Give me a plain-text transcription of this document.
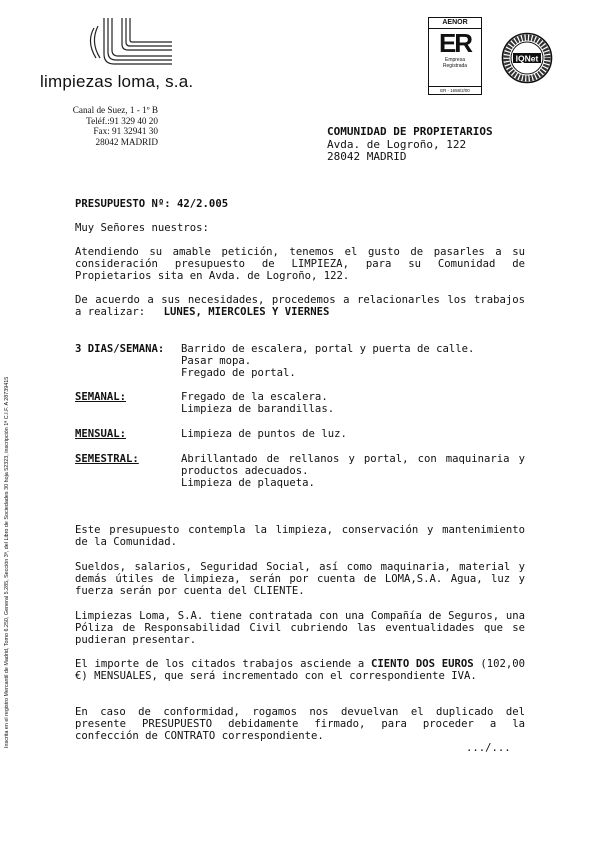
limpiezas loma, s.a.
Canal de Suez, 1 - 1º B
Teléf.:91 329 40 20
Fax: 91 32941 30
28042 MADRID
AENOR
ER
Empresa
Registrada
ER - 1658/2/00
IQNet
COMUNIDAD DE PROPIETARIOS
Avda. de Logroño, 122
28042 MADRID
Inscrita en el registro Mercantil de Madrid, Tomo 6.250, General 5.285, Sección 3ª, del Libro de Sociedades 30 hoja 52323, inscripción 1ª C.I.F. A 28739415
PRESUPUESTO Nº: 42/2.005
Muy Señores nuestros:
Atendiendo su amable petición, tenemos el gusto de pasarles a su consideración presupuesto de LIMPIEZA, para su Comunidad de Propietarios sita en Avda. de Logroño, 122.
De acuerdo a sus necesidades, procedemos a relacionarles los trabajos a realizar: LUNES, MIERCOLES Y VIERNES
3 DIAS/SEMANA: Barrido de escalera, portal y puerta de calle.
Pasar mopa.
Fregado de portal.
SEMANAL:	Fregado de la escalera.
Limpieza de barandillas.
MENSUAL:	Limpieza de puntos de luz.
SEMESTRAL:	Abrillantado de rellanos y portal, con maquinaria y productos adecuados.
Limpieza de plaqueta.
Este presupuesto contempla la limpieza, conservación y mantenimiento de la Comunidad.
Sueldos, salarios, Seguridad Social, así como maquinaria, material y demás útiles de limpieza, serán por cuenta de LOMA,S.A. Agua, luz y fuerza serán por cuenta del CLIENTE.
Limpiezas Loma, S.A. tiene contratada con una Compañía de Seguros, una Póliza de Responsabilidad Civil cubriendo las eventualidades que se pudieran presentar.
El importe de los citados trabajos asciende a CIENTO DOS EUROS (102,00 €) MENSUALES, que será incrementado con el correspondiente IVA.
En caso de conformidad, rogamos nos devuelvan el duplicado del presente PRESUPUESTO debidamente firmado, para proceder a la confección de CONTRATO correspondiente.
.../...
